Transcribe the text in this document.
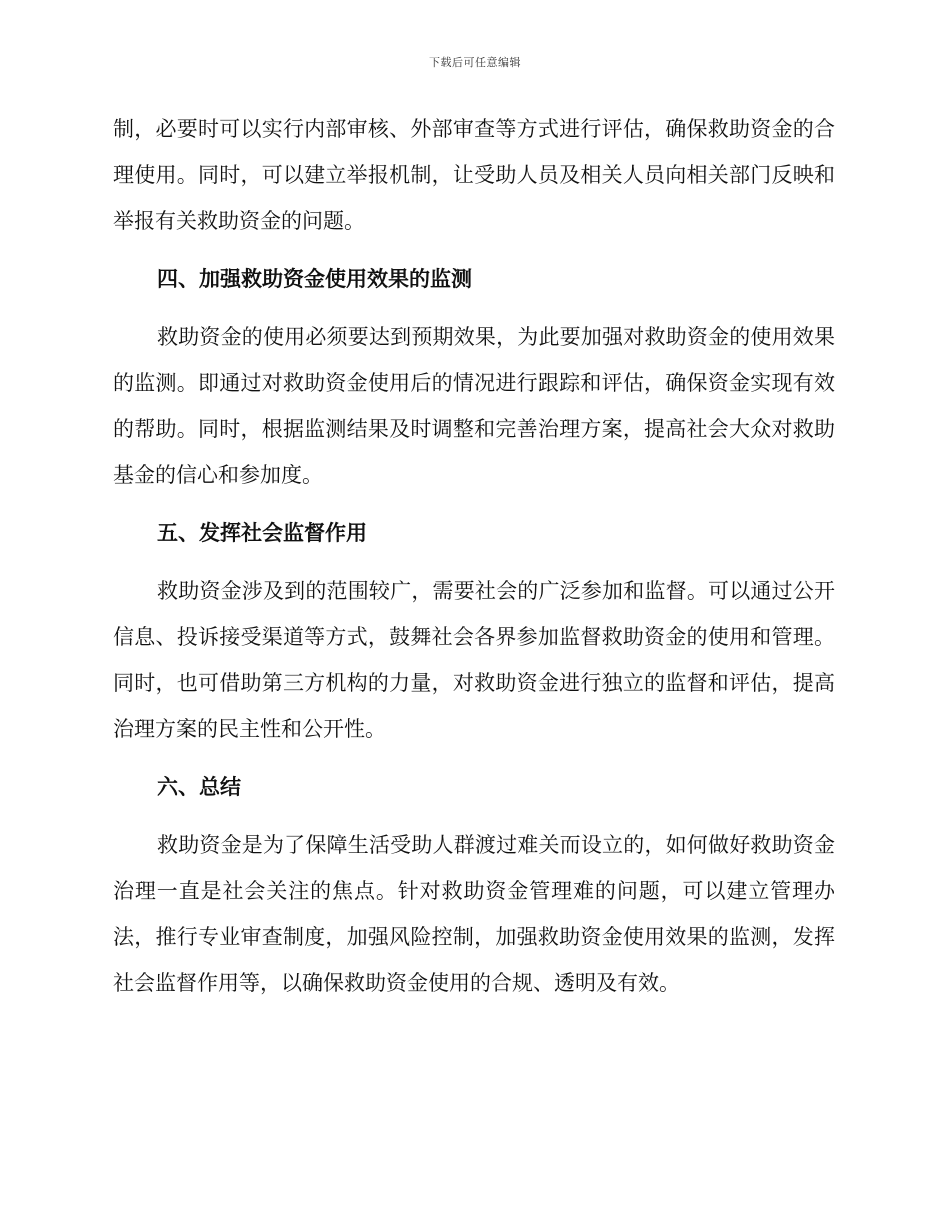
下载后可任意编辑

制，必要时可以实行内部审核、外部审查等方式进行评估，确保救助资金的合理使用。同时，可以建立举报机制，让受助人员及相关人员向相关部门反映和举报有关救助资金的问题。

四、加强救助资金使用效果的监测

救助资金的使用必须要达到预期效果，为此要加强对救助资金的使用效果的监测。即通过对救助资金使用后的情况进行跟踪和评估，确保资金实现有效的帮助。同时，根据监测结果及时调整和完善治理方案，提高社会大众对救助基金的信心和参加度。

五、发挥社会监督作用

救助资金涉及到的范围较广，需要社会的广泛参加和监督。可以通过公开信息、投诉接受渠道等方式，鼓舞社会各界参加监督救助资金的使用和管理。同时，也可借助第三方机构的力量，对救助资金进行独立的监督和评估，提高治理方案的民主性和公开性。

六、总结

救助资金是为了保障生活受助人群渡过难关而设立的，如何做好救助资金治理一直是社会关注的焦点。针对救助资金管理难的问题，可以建立管理办法，推行专业审查制度，加强风险控制，加强救助资金使用效果的监测，发挥社会监督作用等，以确保救助资金使用的合规、透明及有效。
